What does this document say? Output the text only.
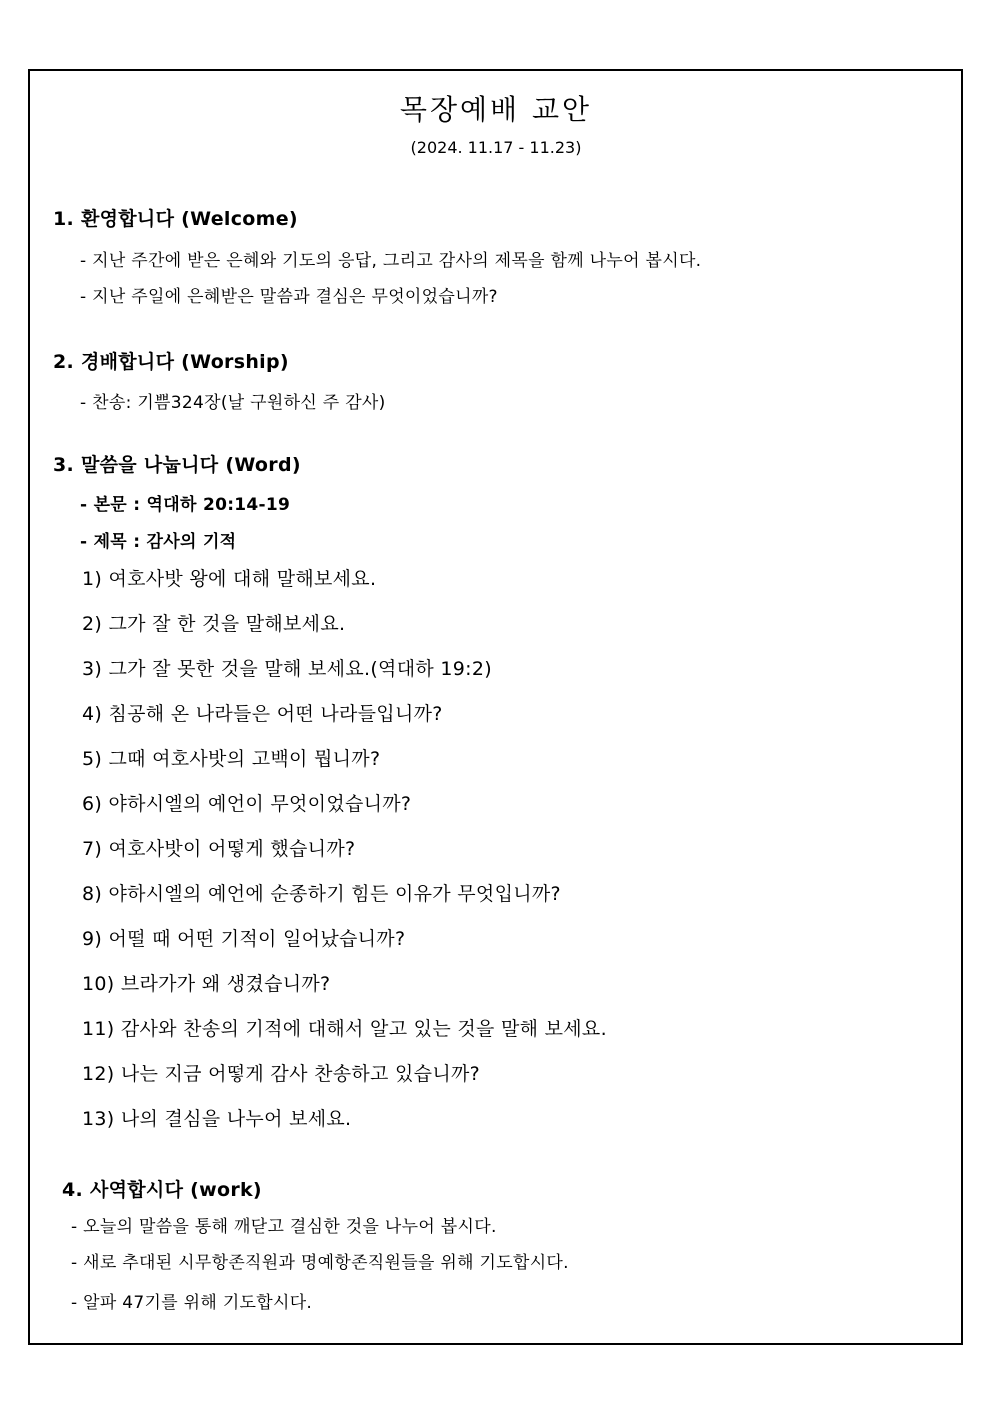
목장예배 교안
(2024. 11.17 - 11.23)
1. 환영합니다 (Welcome)
- 지난 주간에 받은 은혜와 기도의 응답, 그리고 감사의 제목을 함께 나누어 봅시다.
- 지난 주일에 은혜받은 말씀과 결심은 무엇이었습니까?
2. 경배합니다 (Worship)
- 찬송: 기쁨324장(날 구원하신 주 감사)
3. 말씀을 나눕니다 (Word)
- 본문 : 역대하 20:14-19
- 제목 : 감사의 기적
1) 여호사밧 왕에 대해 말해보세요.
2) 그가 잘 한 것을 말해보세요.
3) 그가 잘 못한 것을 말해 보세요.(역대하 19:2)
4) 침공해 온 나라들은 어떤 나라들입니까?
5) 그때 여호사밧의 고백이 뭡니까?
6) 야하시엘의 예언이 무엇이었습니까?
7) 여호사밧이 어떻게 했습니까?
8) 야하시엘의 예언에 순종하기 힘든 이유가 무엇입니까?
9) 어떨 때 어떤 기적이 일어났습니까?
10) 브라가가 왜 생겼습니까?
11) 감사와 찬송의 기적에 대해서 알고 있는 것을 말해 보세요.
12) 나는 지금 어떻게 감사 찬송하고 있습니까?
13) 나의 결심을 나누어 보세요.
4. 사역합시다 (work)
- 오늘의 말씀을 통해 깨닫고 결심한 것을 나누어 봅시다.
- 새로 추대된 시무항존직원과 명예항존직원들을 위해 기도합시다.
- 알파 47기를 위해 기도합시다.
